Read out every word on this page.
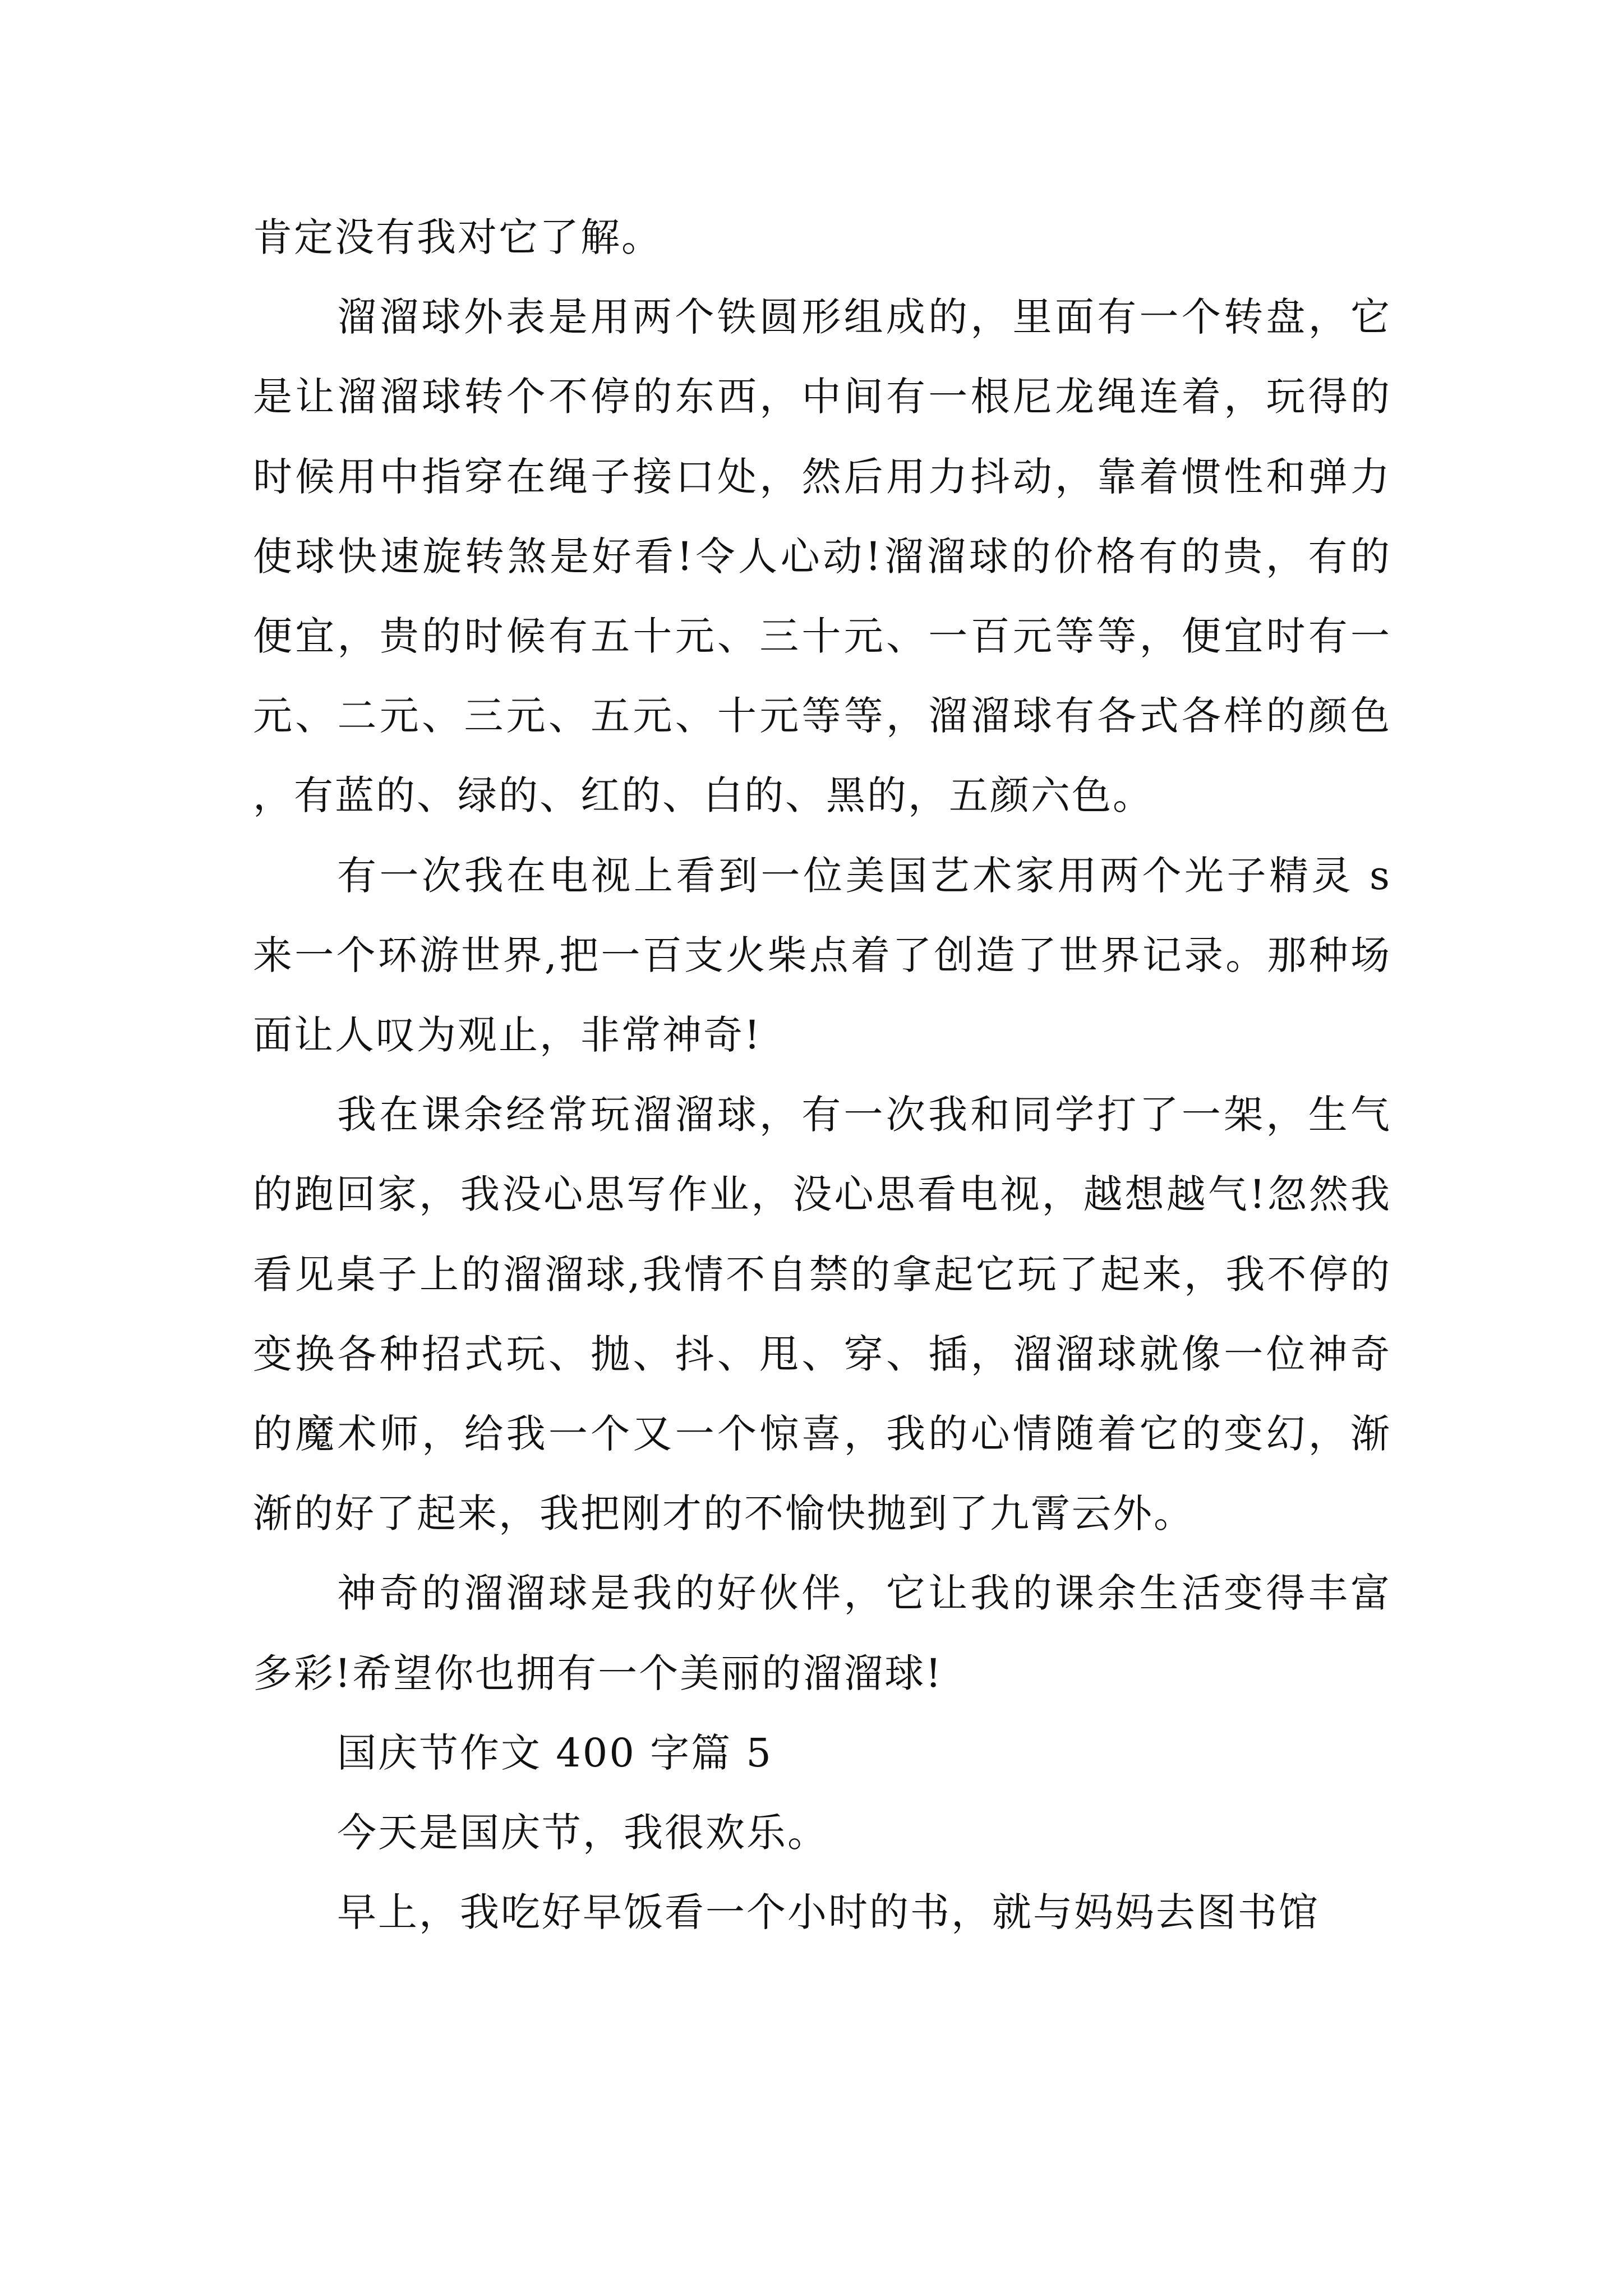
肯定没有我对它了解。

溜溜球外表是用两个铁圆形组成的，里面有一个转盘，它是让溜溜球转个不停的东西，中间有一根尼龙绳连着，玩得的时候用中指穿在绳子接口处，然后用力抖动，靠着惯性和弹力使球快速旋转煞是好看!令人心动!溜溜球的价格有的贵，有的便宜，贵的时候有五十元、三十元、一百元等等，便宜时有一元、二元、三元、五元、十元等等，溜溜球有各式各样的颜色，有蓝的、绿的、红的、白的、黑的，五颜六色。

有一次我在电视上看到一位美国艺术家用两个光子精灵 s 来一个环游世界,把一百支火柴点着了创造了世界记录。那种场面让人叹为观止，非常神奇!

我在课余经常玩溜溜球，有一次我和同学打了一架，生气的跑回家，我没心思写作业，没心思看电视，越想越气!忽然我看见桌子上的溜溜球,我情不自禁的拿起它玩了起来，我不停的变换各种招式玩、抛、抖、甩、穿、插，溜溜球就像一位神奇的魔术师，给我一个又一个惊喜，我的心情随着它的变幻，渐渐的好了起来，我把刚才的不愉快抛到了九霄云外。

神奇的溜溜球是我的好伙伴，它让我的课余生活变得丰富多彩!希望你也拥有一个美丽的溜溜球!

国庆节作文 400 字篇 5

今天是国庆节，我很欢乐。

早上，我吃好早饭看一个小时的书，就与妈妈去图书馆
